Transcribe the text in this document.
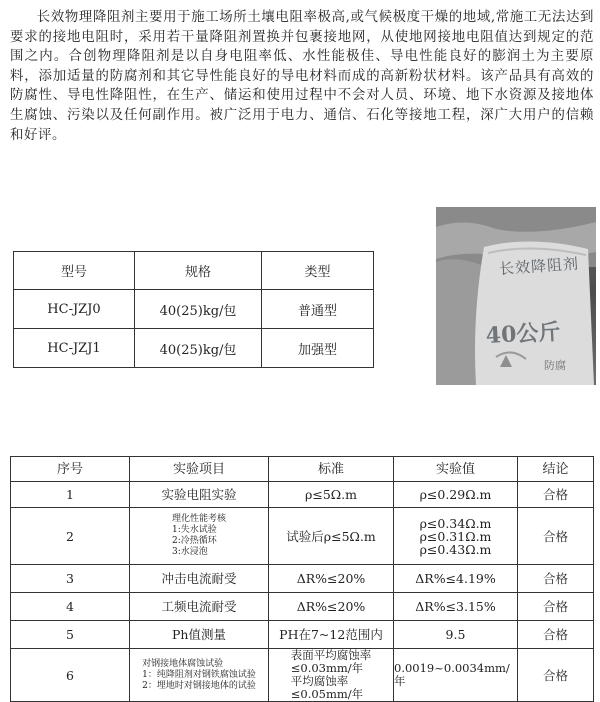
长效物理降阻剂主要用于施工场所土壤电阻率极高,或气候极度干燥的地域,常施工无法达到要求的接地电阻时，采用若干量降阻剂置换并包裹接地网，从使地网接地电阻值达到规定的范围之内。合创物理降阻剂是以自身电阻率低、水性能极佳、导电性能良好的膨润土为主要原料，添加适量的防腐剂和其它导性能良好的导电材料而成的高新粉状材料。该产品具有高效的防腐性、导电性降阻性，在生产、储运和使用过程中不会对人员、环境、地下水资源及接地体生腐蚀、污染以及任何副作用。被广泛用于电力、通信、石化等接地工程，深广大用户的信赖和好评。

长效降阻剂
40公斤
防腐
型号	规格	类型
HC-JZJ0	40(25)kg/包	普通型
HC-JZJ1	40(25)kg/包	加强型
序号	实验项目	标准	实验值	结论
1	实验电阻实验	ρ≤5Ω.m	ρ≤0.29Ω.m	合格
2	理化性能考核
1:失水试验
2:冷热循环
3:水浸泡	试验后ρ≤5Ω.m	ρ≤0.34Ω.m
ρ≤0.31Ω.m
ρ≤0.43Ω.m	合格
3	冲击电流耐受	ΔR%≤20%	ΔR%≤4.19%	合格
4	工频电流耐受	ΔR%≤20%	ΔR%≤3.15%	合格
5	Ph值测量	PH在7~12范围内	9.5	合格
6	对钢接地体腐蚀试验
1：纯降阻剂对钢铁腐蚀试验
2：埋地时对钢接地体的试验	表面平均腐蚀率
≤0.03mm/年
平均腐蚀率
≤0.05mm/年	0.0019~0.0034mm/年	合格
